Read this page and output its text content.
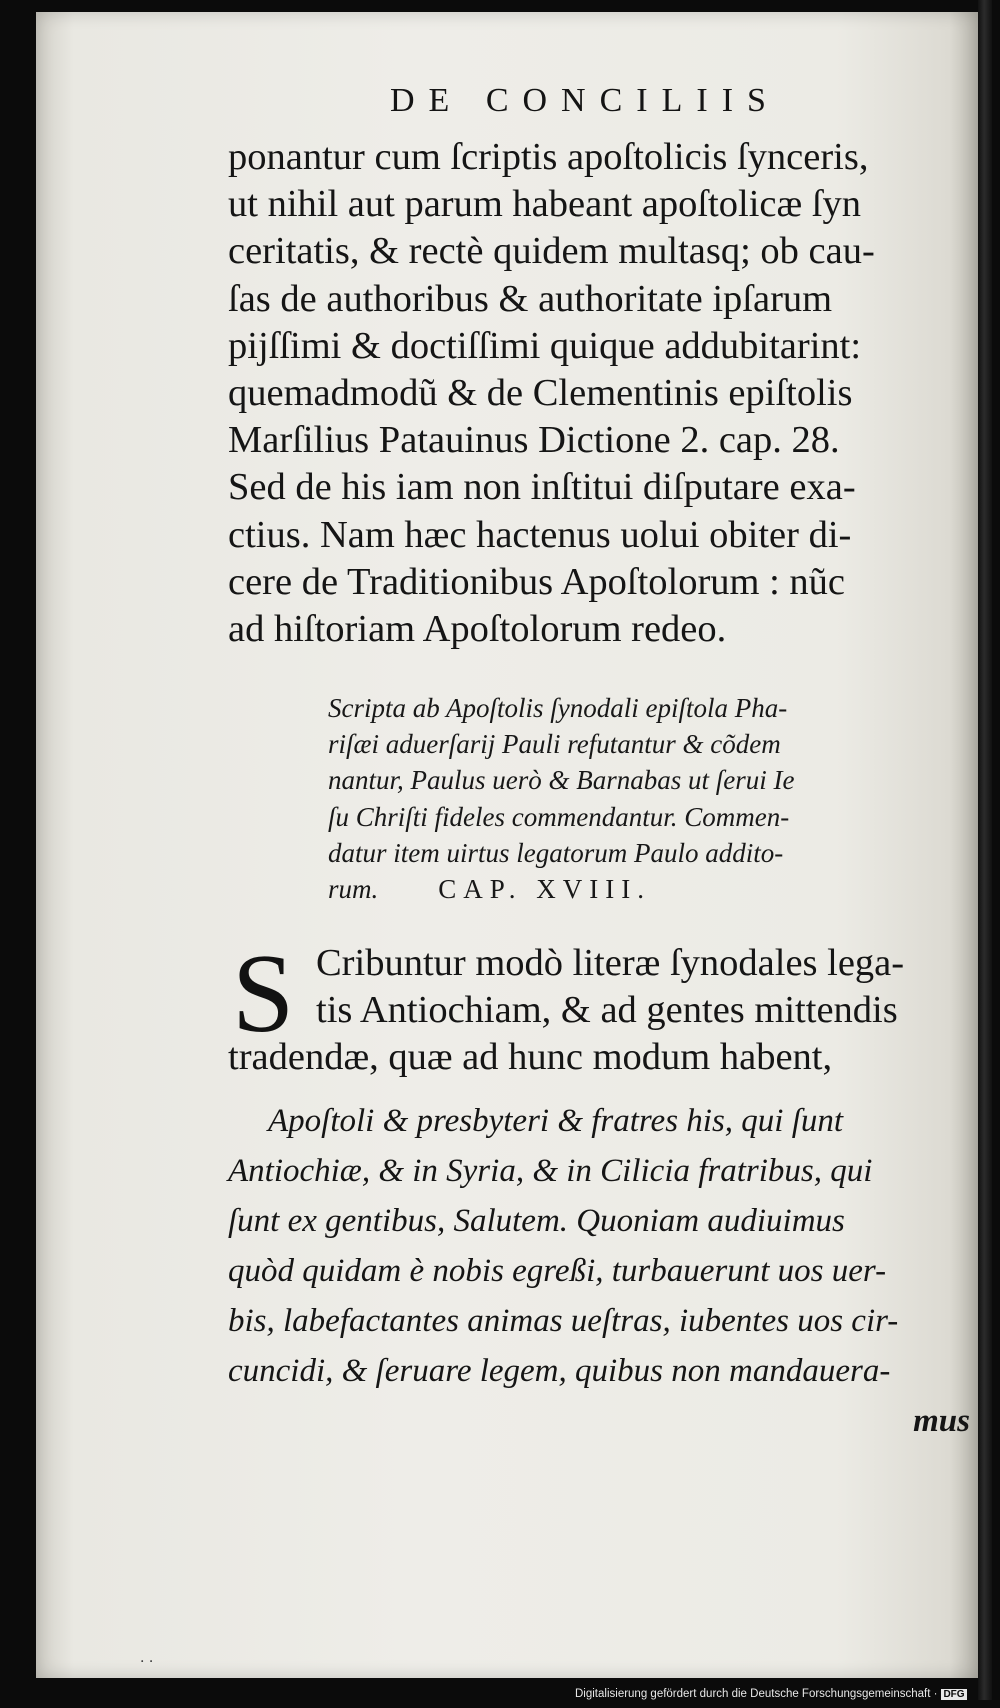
DE CONCILIIS
ponantur cum ſcriptis apoſtolicis ſynceris,
ut nihil aut parum habeant apoſtolicæ ſyn
ceritatis, & rectè quidem multasq; ob cau-
ſas de authoribus & authoritate ipſarum
pijſſimi & doctiſſimi quique addubitarint:
quemadmodũ & de Clementinis epiſtolis
Marſilius Patauinus Dictione 2. cap. 28.
Sed de his iam non inſtitui diſputare exa-
ctius. Nam hæc hactenus uolui obiter di-
cere de Traditionibus Apoſtolorum : nũc
ad hiſtoriam Apoſtolorum redeo.
Scripta ab Apoſtolis ſynodali epiſtola Pha-
riſæi aduerſarij Pauli refutantur & cõdem
nantur, Paulus uerò & Barnabas ut ſerui Ie
ſu Chriſti fideles commendantur. Commen-
datur item uirtus legatorum Paulo addito-
rum. CAP. XVIII.
S Cribuntur modò literæ ſynodales lega-
tis Antiochiam, & ad gentes mittendis
tradendæ, quæ ad hunc modum habent,
Apoſtoli & presbyteri & fratres his, qui ſunt
Antiochiæ, & in Syria, & in Cilicia fratribus, qui
ſunt ex gentibus, Salutem. Quoniam audiuimus
quòd quidam è nobis egreßi, turbauerunt uos uer-
bis, labefactantes animas ueſtras, iubentes uos cir-
cuncidi, & ſeruare legem, quibus non mandauera-
mus
· ·
Digitalisierung gefördert durch die Deutsche Forschungsgemeinschaft · DFG
